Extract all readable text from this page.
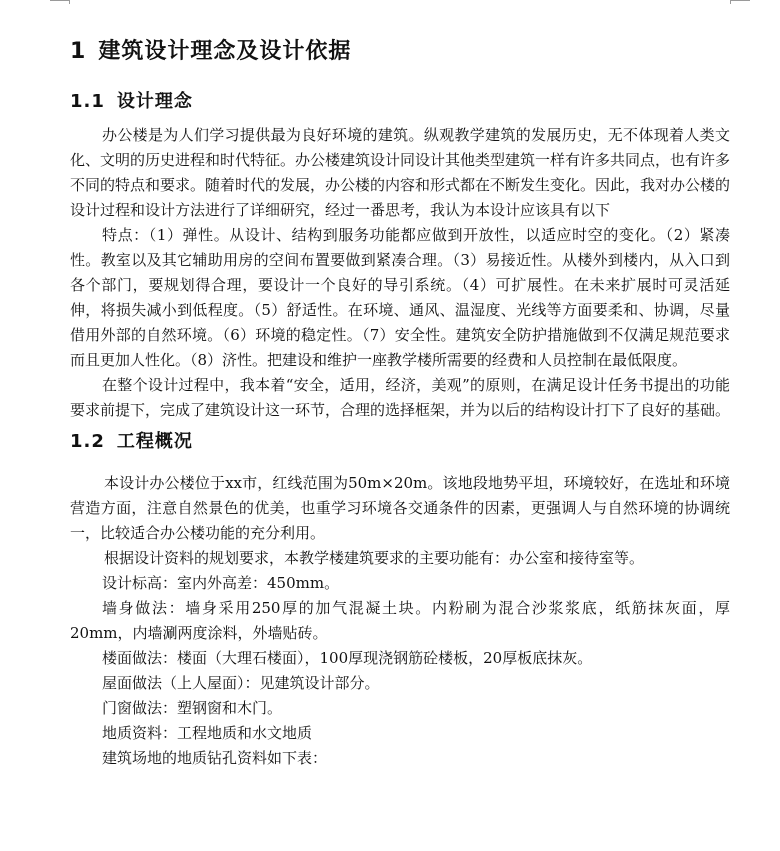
1 建筑设计理念及设计依据
1.1 设计理念

办公楼是为人们学习提供最为良好环境的建筑。纵观教学建筑的发展历史，无不体现着人类文化、文明的历史进程和时代特征。办公楼建筑设计同设计其他类型建筑一样有许多共同点，也有许多不同的特点和要求。随着时代的发展，办公楼的内容和形式都在不断发生变化。因此，我对办公楼的设计过程和设计方法进行了详细研究，经过一番思考，我认为本设计应该具有以下

特点：（1）弹性。从设计、结构到服务功能都应做到开放性，以适应时空的变化。（2）紧凑性。教室以及其它辅助用房的空间布置要做到紧凑合理。（3）易接近性。从楼外到楼内，从入口到各个部门，要规划得合理，要设计一个良好的导引系统。（4）可扩展性。在未来扩展时可灵活延伸，将损失减小到低程度。（5）舒适性。在环境、通风、温湿度、光线等方面要柔和、协调，尽量借用外部的自然环境。（6）环境的稳定性。（7）安全性。建筑安全防护措施做到不仅满足规范要求而且更加人性化。（8）济性。把建设和维护一座教学楼所需要的经费和人员控制在最低限度。

在整个设计过程中，我本着“安全，适用，经济，美观”的原则，在满足设计任务书提出的功能要求前提下，完成了建筑设计这一环节，合理的选择框架，并为以后的结构设计打下了良好的基础。

1.2 工程概况

本设计办公楼位于xx市，红线范围为50m×20m。该地段地势平坦，环境较好，在选址和环境营造方面，注意自然景色的优美，也重学习环境各交通条件的因素，更强调人与自然环境的协调统一，比较适合办公楼功能的充分利用。

根据设计资料的规划要求，本教学楼建筑要求的主要功能有：办公室和接待室等。

设计标高：室内外高差：450mm。

墙身做法：墙身采用250厚的加气混凝土块。内粉刷为混合沙浆浆底，纸筋抹灰面，厚20mm，内墙涮两度涂料，外墙贴砖。

楼面做法：楼面（大理石楼面），100厚现浇钢筋砼楼板，20厚板底抹灰。

屋面做法（上人屋面）：见建筑设计部分。

门窗做法：塑钢窗和木门。

地质资料：工程地质和水文地质

建筑场地的地质钻孔资料如下表：
